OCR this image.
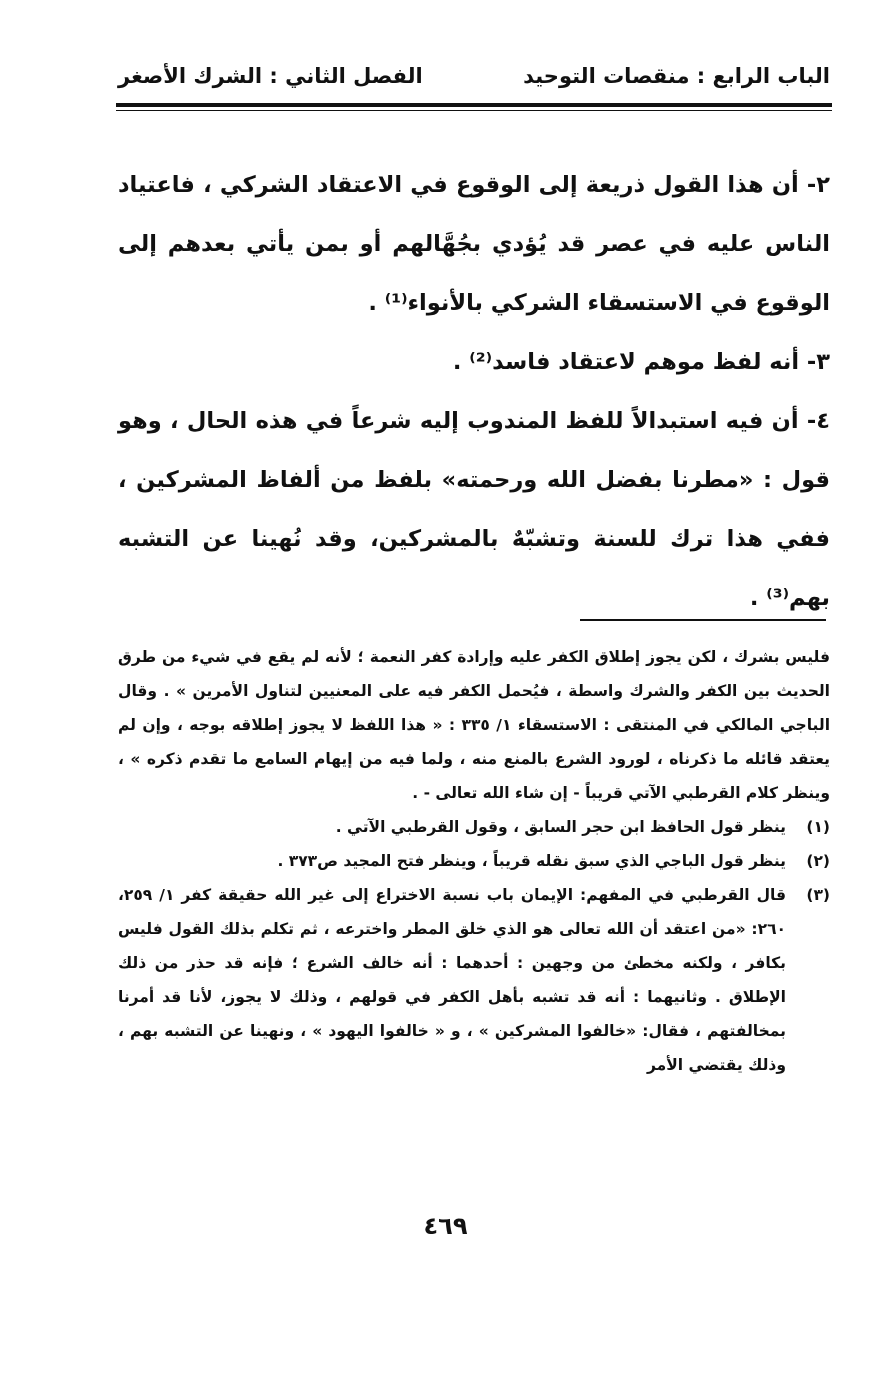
الباب الرابع : منقصات التوحيد
الفصل الثاني : الشرك الأصغر

٢- أن هذا القول ذريعة إلى الوقوع في الاعتقاد الشركي ، فاعتياد الناس عليه في عصر قد يُؤدي بجُهَّالهم أو بمن يأتي بعدهم إلى الوقوع في الاستسقاء الشركي بالأنواء⁽¹⁾ .

٣- أنه لفظ موهم لاعتقاد فاسد⁽²⁾ .

٤- أن فيه استبدالاً للفظ المندوب إليه شرعاً في هذه الحال ، وهو قول : «مطرنا بفضل الله ورحمته» بلفظ من ألفاظ المشركين ، ففي هذا ترك للسنة وتشبّهٌ بالمشركين، وقد نُهينا عن التشبه بهم⁽³⁾ .

فليس بشرك ، لكن يجوز إطلاق الكفر عليه وإرادة كفر النعمة ؛ لأنه لم يقع في شيء من طرق الحديث بين الكفر والشرك واسطة ، فيُحمل الكفر فيه على المعنيين لتناول الأمرين » . وقال الباجي المالكي في المنتقى : الاستسقاء ١/ ٣٣٥ : « هذا اللفظ لا يجوز إطلاقه بوجه ، وإن لم يعتقد قائله ما ذكرناه ، لورود الشرع بالمنع منه ، ولما فيه من إيهام السامع ما تقدم ذكره » ، وينظر كلام القرطبي الآتي قريباً - إن شاء الله تعالى - .

(١)
ينظر قول الحافظ ابن حجر السابق ، وقول القرطبي الآتي .

(٢)
ينظر قول الباجي الذي سبق نقله قريباً ، وينظر فتح المجيد ص٣٧٣ .

(٣)
قال القرطبي في المفهم: الإيمان باب نسبة الاختراع إلى غير الله حقيقة كفر ١/ ٢٥٩، ٢٦٠: «من اعتقد أن الله تعالى هو الذي خلق المطر واخترعه ، ثم تكلم بذلك القول فليس بكافر ، ولكنه مخطئ من وجهين : أحدهما : أنه خالف الشرع ؛ فإنه قد حذر من ذلك الإطلاق . وثانيهما : أنه قد تشبه بأهل الكفر في قولهم ، وذلك لا يجوز، لأنا قد أمرنا بمخالفتهم ، فقال: «خالفوا المشركين » ، و « خالفوا اليهود » ، ونهينا عن التشبه بهم ، وذلك يقتضي الأمر

٤٦٩
